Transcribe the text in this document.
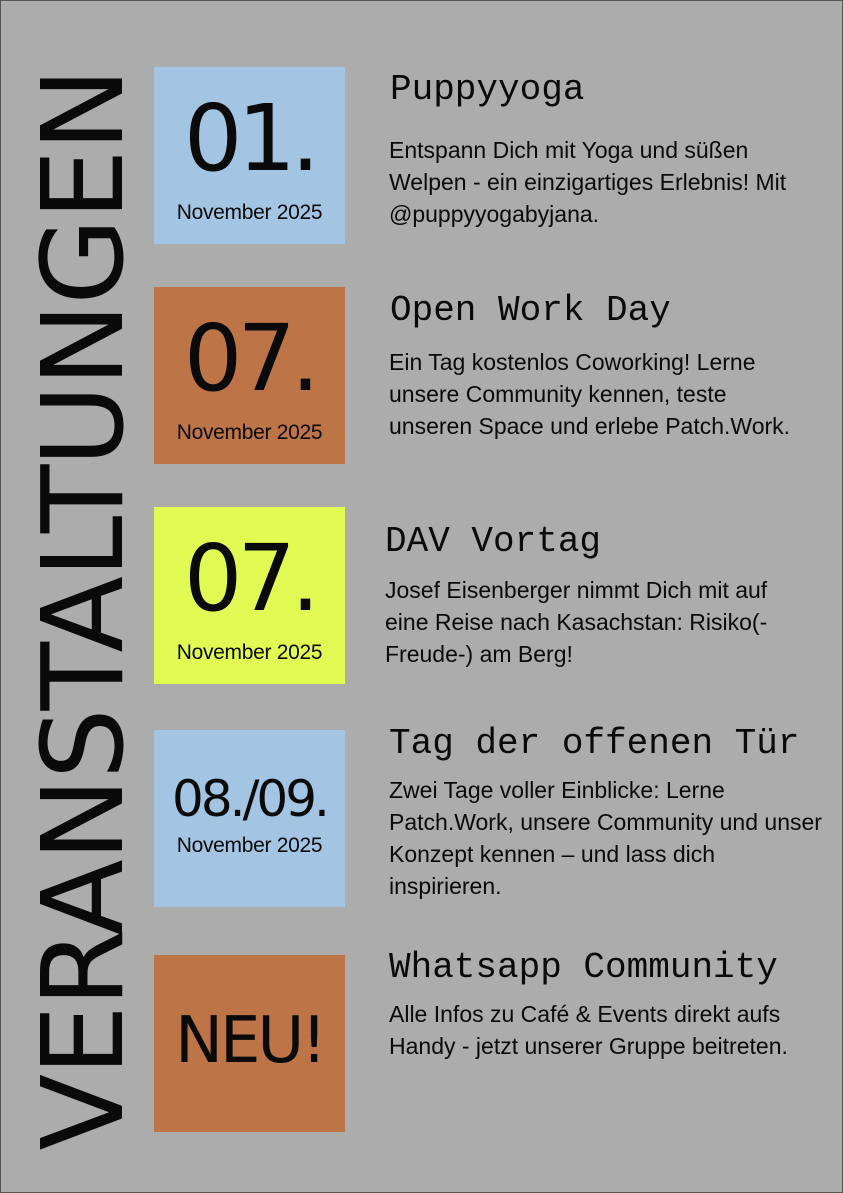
VERANSTALTUNGEN 01.
November 2025
Puppyyoga
Entspann Dich mit Yoga und süßen Welpen - ein einzigartiges Erlebnis! Mit @puppyyogabyjana.
07.
November 2025
Open Work Day
Ein Tag kostenlos Coworking! Lerne unsere Community kennen, teste unseren Space und erlebe Patch.Work.
07.
November 2025
DAV Vortag
Josef Eisenberger nimmt Dich mit auf eine Reise nach Kasachstan: Risiko(-Freude-) am Berg!
08./09.
November 2025
Tag der offenen Tür
Zwei Tage voller Einblicke: Lerne Patch.Work, unsere Community und unser Konzept kennen – und lass dich inspirieren.
NEU!
Whatsapp Community
Alle Infos zu Café & Events direkt aufs Handy - jetzt unserer Gruppe beitreten.
